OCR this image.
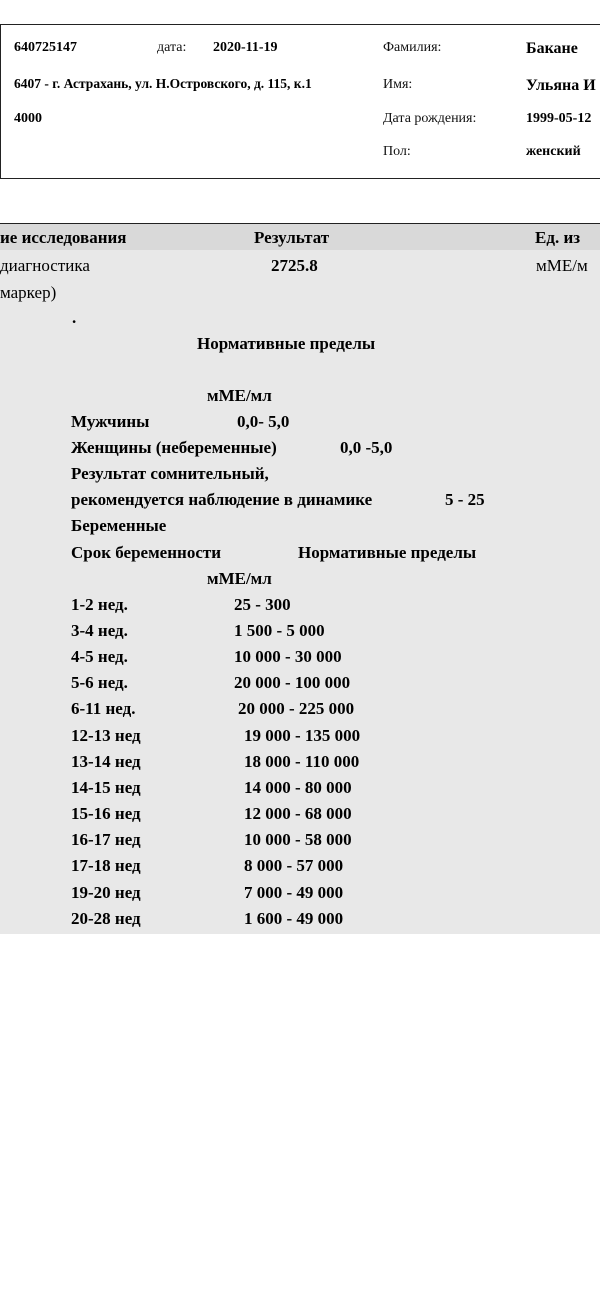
640725147	дата: 2020-11-19
6407 - г. Астрахань, ул. Н.Островского, д. 115, к.1
4000
Фамилия:	Бакане
Имя:	Ульяна И
Дата рождения:	1999-05-12
Пол:	женский
ие исследования	Результат	Ед. из
диагностика
маркер)
2725.8	мМЕ/м
.
Нормативные пределы
мМЕ/мл
Мужчины	0,0- 5,0
Женщины (небеременные)	0,0 -5,0
Результат сомнительный,
рекомендуется наблюдение в динамике	5 - 25
Беременные
Срок беременности	Нормативные пределы
мМЕ/мл
1-2 нед.	25 - 300
3-4 нед.	1 500 - 5 000
4-5 нед.	10 000 - 30 000
5-6 нед.	20 000 - 100 000
6-11 нед.	20 000 - 225 000
12-13 нед	19 000 - 135 000
13-14 нед	18 000 - 110 000
14-15 нед	14 000 - 80 000
15-16 нед	12 000 - 68 000
16-17 нед	10 000 - 58 000
17-18 нед	8 000 - 57 000
19-20 нед	7 000 - 49 000
20-28 нед	1 600 - 49 000
